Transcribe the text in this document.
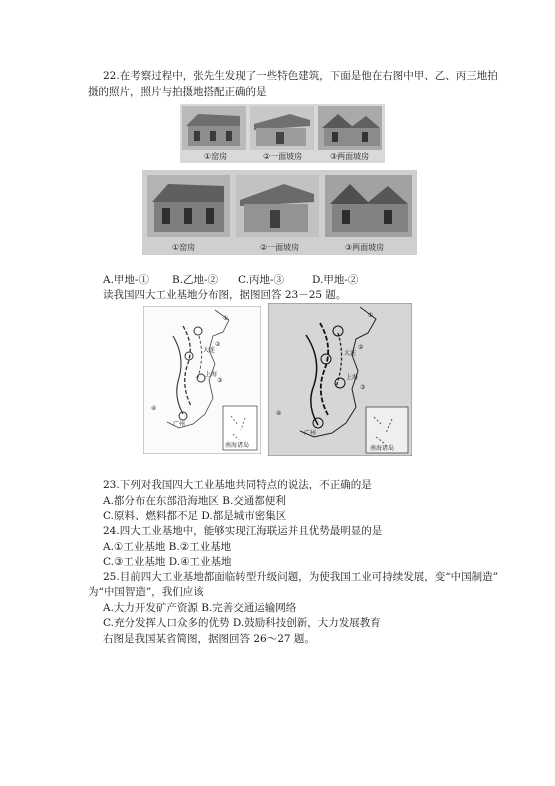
22.在考察过程中，张先生发现了一些特色建筑，下面是他在右图中甲、乙、丙三地拍
摄的照片，照片与拍摄地搭配正确的是
①窑房	②一面坡房	③两面坡房
①窑房	②一面坡房	③两面坡房
A.甲地-① B.乙地-② C.丙地-③	D.甲地-②
读我国四大工业基地分布图，据图回答 23－25 题。
①
②
③
④
大连
上海
广州
南海诸岛
①
②
③
④
大连
上海
广州
南海诸岛
23.下列对我国四大工业基地共同特点的说法，不正确的是
A.都分布在东部沿海地区 B.交通都便利
C.原料、燃料都不足 D.都是城市密集区
24.四大工业基地中，能够实现江海联运并且优势最明显的是
A.①工业基地 B.②工业基地
C.③工业基地 D.④工业基地
25.目前四大工业基地都面临转型升级问题，为使我国工业可持续发展，变“中国制造”
为“中国智造”，我们应该
A.大力开发矿产资源 B.完善交通运输网络
C.充分发挥人口众多的优势 D.鼓励科技创新，大力发展教育
右图是我国某省简图，据图回答 26～27 题。
